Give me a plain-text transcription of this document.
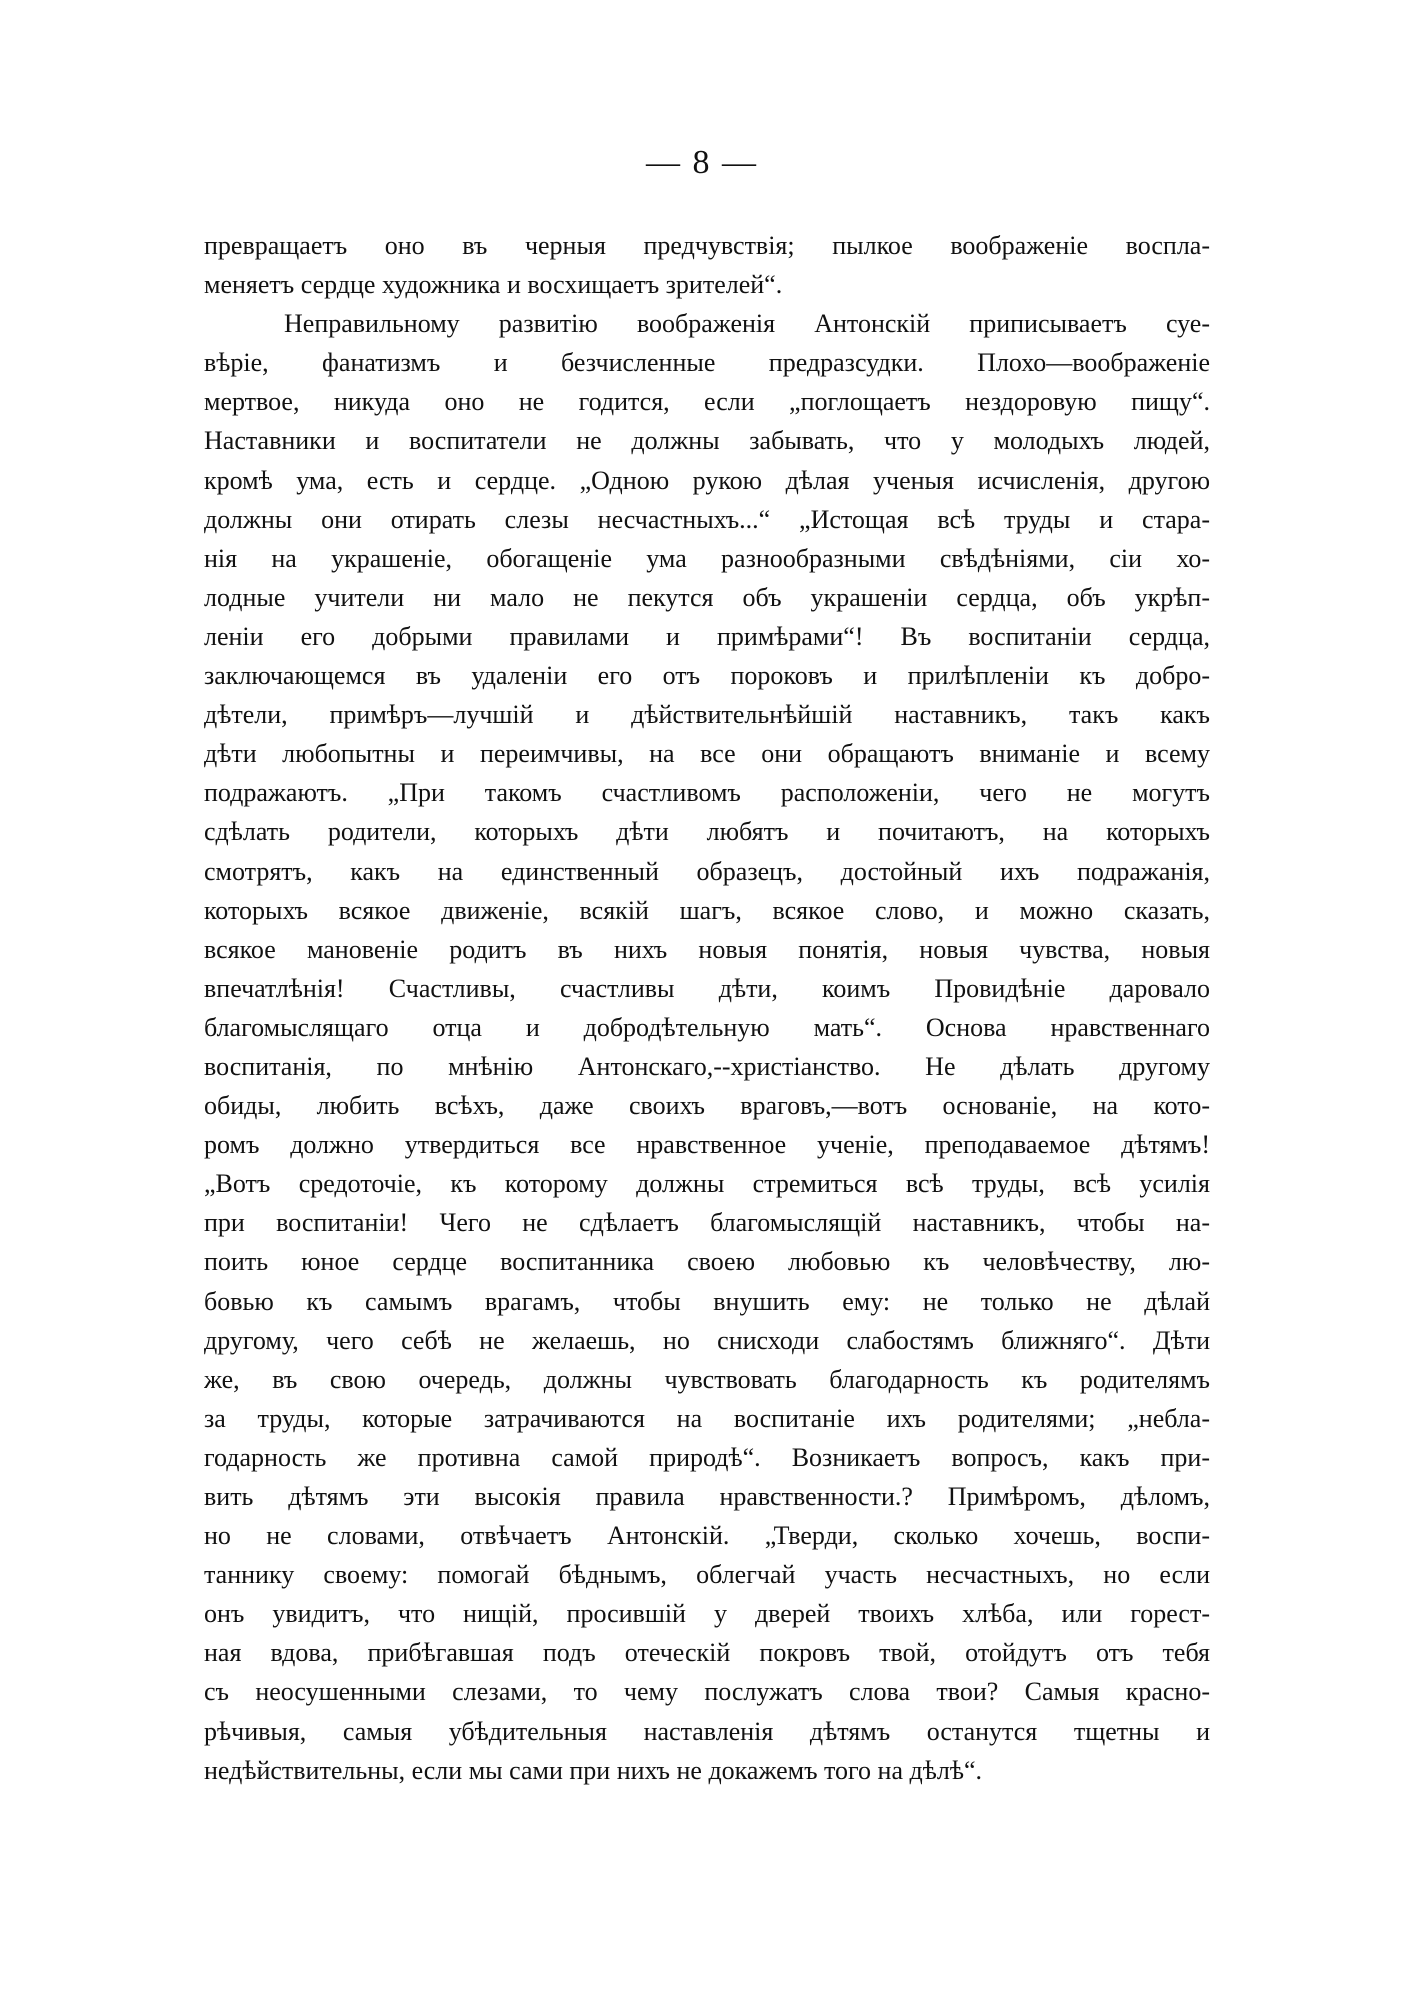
— 8 —
превращаетъ оно въ черныя предчувствія; пылкое воображеніе воспла-
меняетъ сердце художника и восхищаетъ зрителей“.
Неправильному развитію воображенія Антонскій приписываетъ суе-
вѣріе, фанатизмъ и безчисленные предразсудки. Плохо—воображеніе
мертвое, никуда оно не годится, если „поглощаетъ нездоровую пищу“.
Наставники и воспитатели не должны забывать, что у молодыхъ людей,
кромѣ ума, есть и сердце. „Одною рукою дѣлая ученыя исчисленія, другою
должны они отирать слезы несчастныхъ...“ „Истощая всѣ труды и стара-
нія на украшеніе, обогащеніе ума разнообразными свѣдѣніями, сіи хо-
лодные учители ни мало не пекутся объ украшеніи сердца, объ укрѣп-
леніи его добрыми правилами и примѣрами“! Въ воспитаніи сердца,
заключающемся въ удаленіи его отъ пороковъ и прилѣпленіи къ добро-
дѣтели, примѣръ—лучшій и дѣйствительнѣйшій наставникъ, такъ какъ
дѣти любопытны и переимчивы, на все они обращаютъ вниманіе и всему
подражаютъ. „При такомъ счастливомъ расположеніи, чего не могутъ
сдѣлать родители, которыхъ дѣти любятъ и почитаютъ, на которыхъ
смотрятъ, какъ на единственный образецъ, достойный ихъ подражанія,
которыхъ всякое движеніе, всякій шагъ, всякое слово, и можно сказать,
всякое мановеніе родитъ въ нихъ новыя понятія, новыя чувства, новыя
впечатлѣнія! Счастливы, счастливы дѣти, коимъ Провидѣніе даровало
благомыслящаго отца и добродѣтельную мать“. Основа нравственнаго
воспитанія, по мнѣнію Антонскаго,--христіанство. Не дѣлать другому
обиды, любить всѣхъ, даже своихъ враговъ,—вотъ основаніе, на кото-
ромъ должно утвердиться все нравственное ученіе, преподаваемое дѣтямъ!
„Вотъ средоточіе, къ которому должны стремиться всѣ труды, всѣ усилія
при воспитаніи! Чего не сдѣлаетъ благомыслящій наставникъ, чтобы на-
поить юное сердце воспитанника своею любовью къ человѣчеству, лю-
бовью къ самымъ врагамъ, чтобы внушить ему: не только не дѣлай
другому, чего себѣ не желаешь, но снисходи слабостямъ ближняго“. Дѣти
же, въ свою очередь, должны чувствовать благодарность къ родителямъ
за труды, которые затрачиваются на воспитаніе ихъ родителями; „небла-
годарность же противна самой природѣ“. Возникаетъ вопросъ, какъ при-
вить дѣтямъ эти высокія правила нравственности.? Примѣромъ, дѣломъ,
но не словами, отвѣчаетъ Антонскій. „Тверди, сколько хочешь, воспи-
таннику своему: помогай бѣднымъ, облегчай участь несчастныхъ, но если
онъ увидитъ, что нищій, просившій у дверей твоихъ хлѣба, или горест-
ная вдова, прибѣгавшая подъ отеческій покровъ твой, отойдутъ отъ тебя
съ неосушенными слезами, то чему послужатъ слова твои? Самыя красно-
рѣчивыя, самыя убѣдительныя наставленія дѣтямъ останутся тщетны и
недѣйствительны, если мы сами при нихъ не докажемъ того на дѣлѣ“.
